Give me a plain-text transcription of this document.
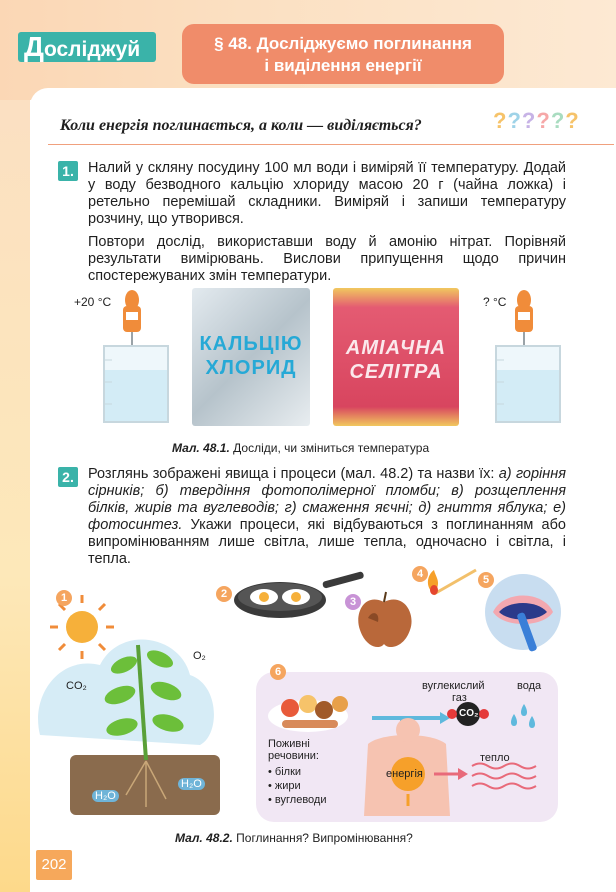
Досліджуй	§ 48. Досліджуємо поглинання
і виділення енергії
Коли енергія поглинається, а коли — виділяється?	??????
1. Налий у скляну посудину 100 мл води і виміряй її температуру. Додай у воду безводного кальцію хлориду масою 20 г (чайна ложка) і ретельно перемішай складники. Виміряй і запиши температуру розчину, що утворився.
Повтори дослід, використавши воду й амонію нітрат. Порівняй результати вимірювань. Вислови припущення щодо причин спостережуваних змін температури.
+20 °C	? °C
КАЛЬЦІЮ
ХЛОРИД
АМІАЧНА
СЕЛІТРА
Мал. 48.1. Досліди, чи зміниться температура
2. Розглянь зображені явища і процеси (мал. 48.2) та назви їх: а) горіння сірників; б) твердіння фотополімерної пломби; в) розщеплення білків, жирів та вуглеводів; г) смаження яєчні; д) гниття яблука; е) фотосинтез. Укажи процеси, які відбуваються з поглинанням або випромінюванням лише світла, лише тепла, одночасно і світла, і тепла.
1
CO₂
O₂
H₂O
H₂O
2
3
4	5
6
вуглекислий
газ
CO₂
вода
Поживні
речовини:
• білки
• жири
• вуглеводи
енергія
тепло
Мал. 48.2. Поглинання? Випромінювання?
202
